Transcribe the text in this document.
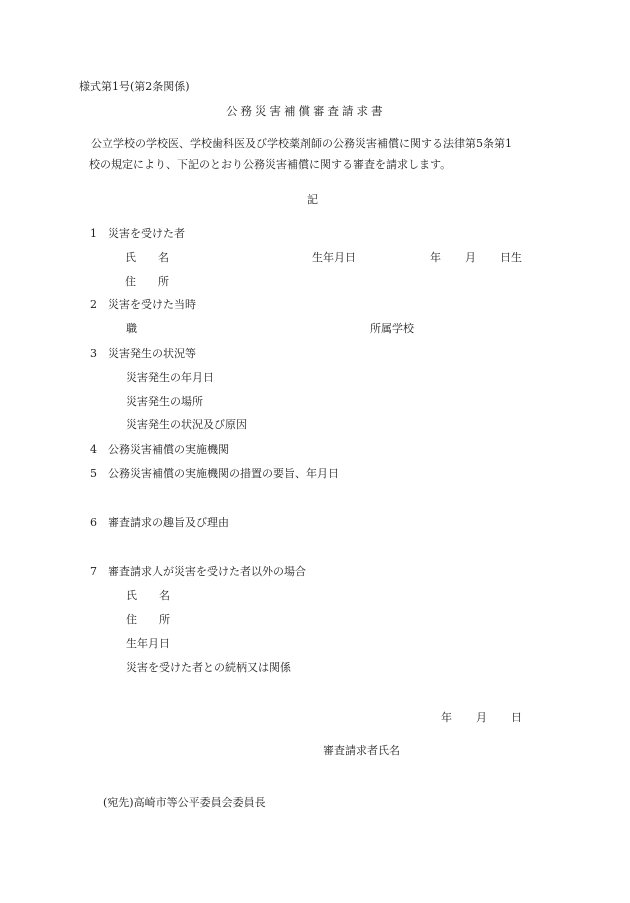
様式第1号(第2条関係)
公務災害補償審査請求書
公立学校の学校医、学校歯科医及び学校薬剤師の公務災害補償に関する法律第5条第1
校の規定により、下記のとおり公務災害補償に関する審査を請求します。
記
1	災害を受けた者
氏　　名	生年月日	年 月 日生
住　　所
2	災害を受けた当時
職	所属学校
3	災害発生の状況等
災害発生の年月日
災害発生の場所
災害発生の状況及び原因
4	公務災害補償の実施機関
5	公務災害補償の実施機関の措置の要旨、年月日
6	審査請求の趣旨及び理由
7	審査請求人が災害を受けた者以外の場合
氏　　名
住　　所
生年月日
災害を受けた者との続柄又は関係
年 月 日
審査請求者氏名
(宛先)高崎市等公平委員会委員長
